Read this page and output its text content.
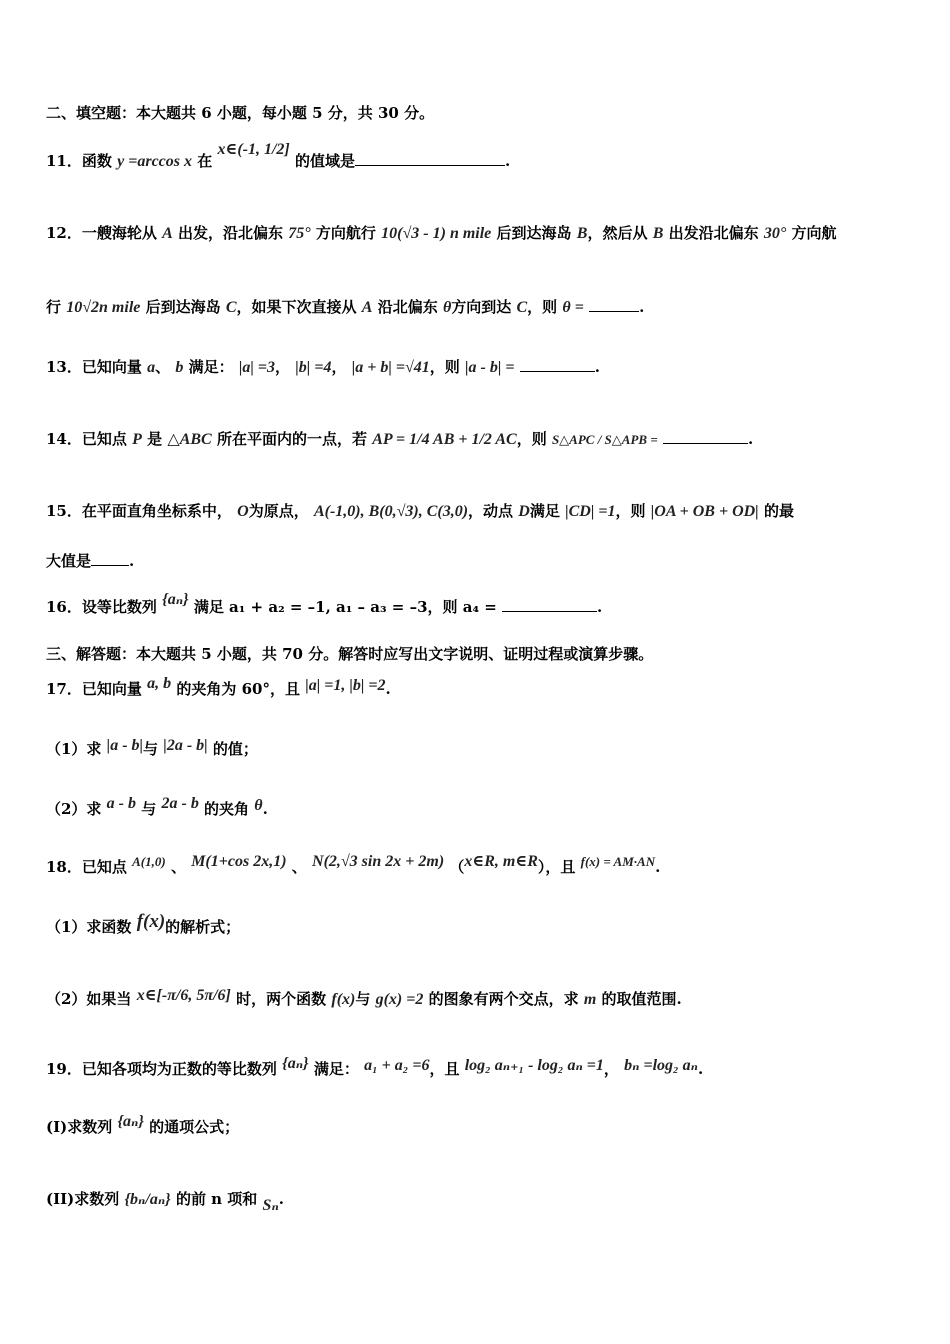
二、填空题：本大题共 6 小题，每小题 5 分，共 30 分。
11．函数 y =arccos x 在 x∈(-1, 1/2] 的值域是	.
12．一艘海轮从 A 出发，沿北偏东 75° 方向航行 10(√3 - 1) n mile 后到达海岛 B，然后从 B 出发沿北偏东 30° 方向航
行 10√2n mile 后到达海岛 C，如果下次直接从 A 沿北偏东 θ方向到达 C，则 θ =	.
13．已知向量 a、 b 满足： |a| =3， |b| =4， |a + b| =√41，则 |a - b| =	.
14．已知点 P 是 △ABC 所在平面内的一点，若 AP = 1/4 AB + 1/2 AC，则 S△APC / S△APB =	.
15．在平面直角坐标系中， O为原点， A(-1,0), B(0,√3), C(3,0)，动点 D满足 |CD| =1，则 |OA + OB + OD| 的最
大值是	.
16．设等比数列 {aₙ} 满足 a₁ + a₂ = –1, a₁ – a₃ = –3，则 a₄ =	.
三、解答题：本大题共 5 小题，共 70 分。解答时应写出文字说明、证明过程或演算步骤。
17．已知向量 a, b 的夹角为 60°，且 |a| =1, |b| =2.
（1）求 |a - b|与 |2a - b| 的值；
（2）求 a - b 与 2a - b 的夹角 θ.
18．已知点 A(1,0) 、 M(1+cos 2x,1) 、 N(2,√3 sin 2x + 2m) （x∈R, m∈R），且 f(x) = AM·AN.
（1）求函数 f(x)的解析式；
（2）如果当 x∈[-π/6, 5π/6] 时，两个函数 f(x)与 g(x) =2 的图象有两个交点，求 m 的取值范围.
19．已知各项均为正数的等比数列 {aₙ} 满足： a₁ + a₂ =6，且 log₂ aₙ₊₁ - log₂ aₙ =1， bₙ =log₂ aₙ.
(I)求数列 {aₙ} 的通项公式；
(II)求数列 {bₙ/aₙ} 的前 n 项和 Sₙ.
